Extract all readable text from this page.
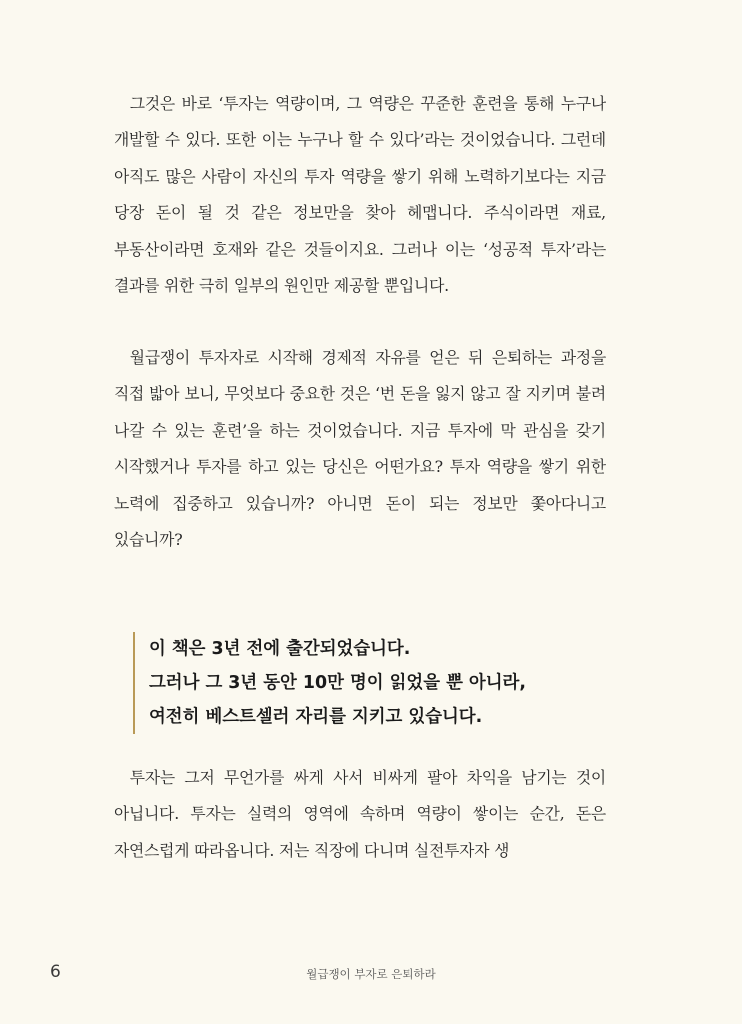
그것은 바로 ‘투자는 역량이며, 그 역량은 꾸준한 훈련을 통해 누구나 개발할 수 있다. 또한 이는 누구나 할 수 있다’라는 것이었습니다. 그런데 아직도 많은 사람이 자신의 투자 역량을 쌓기 위해 노력하기보다는 지금 당장 돈이 될 것 같은 정보만을 찾아 헤맵니다. 주식이라면 재료, 부동산이라면 호재와 같은 것들이지요. 그러나 이는 ‘성공적 투자’라는 결과를 위한 극히 일부의 원인만 제공할 뿐입니다.

월급쟁이 투자자로 시작해 경제적 자유를 얻은 뒤 은퇴하는 과정을 직접 밟아 보니, 무엇보다 중요한 것은 ‘번 돈을 잃지 않고 잘 지키며 불려 나갈 수 있는 훈련’을 하는 것이었습니다. 지금 투자에 막 관심을 갖기 시작했거나 투자를 하고 있는 당신은 어떤가요? 투자 역량을 쌓기 위한 노력에 집중하고 있습니까? 아니면 돈이 되는 정보만 쫓아다니고 있습니까?

이 책은 3년 전에 출간되었습니다.
그러나 그 3년 동안 10만 명이 읽었을 뿐 아니라,
여전히 베스트셀러 자리를 지키고 있습니다.

투자는 그저 무언가를 싸게 사서 비싸게 팔아 차익을 남기는 것이 아닙니다. 투자는 실력의 영역에 속하며 역량이 쌓이는 순간, 돈은 자연스럽게 따라옵니다. 저는 직장에 다니며 실전투자자 생

6	월급쟁이 부자로 은퇴하라
